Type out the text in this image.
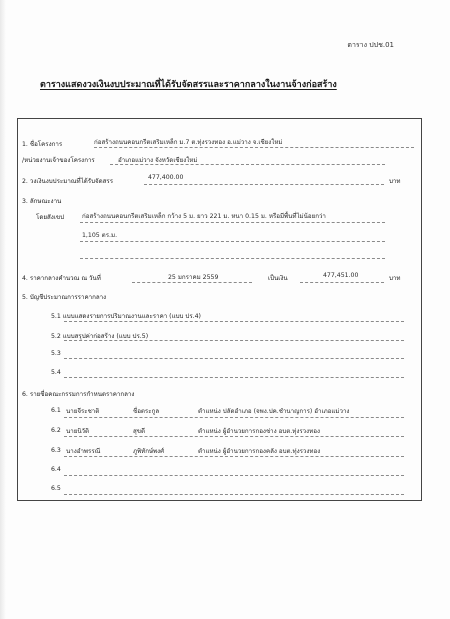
ตาราง ปปช.01
ตารางแสดงวงเงินงบประมาณที่ได้รับจัดสรรและราคากลางในงานจ้างก่อสร้าง
1. ชื่อโครงการ	ก่อสร้างถนนคอนกรีตเสริมเหล็ก ม.7 ต.ทุ่งรวงทอง อ.แม่วาง จ.เชียงใหม่
/หน่วยงานเจ้าของโครงการ	อำเภอแม่วาง จังหวัดเชียงใหม่
2. วงเงินงบประมาณที่ได้รับจัดสรร
477,400.00
บาท
3. ลักษณะงาน
โดยสังเขป	ก่อสร้างถนนคอนกรีตเสริมเหล็ก กว้าง 5 ม. ยาว 221 ม. หนา 0.15 ม. หรือมีพื้นที่ไม่น้อยกว่า
1,105 ตร.ม.
4. ราคากลางคำนวณ ณ วันที่	25 มกราคม 2559	เป็นเงิน	477,451.00	บาท
5. บัญชีประมาณการราคากลาง
5.1 แบบแสดงรายการปริมาณงานและราคา (แบบ ปร.4)
5.2 แบบสรุปค่าก่อสร้าง (แบบ ปร.5)
5.3
5.4
6. รายชื่อคณะกรรมการกำหนดราคากลาง
6.1 นายจีระชาติ	ชื่อตระกูล	ตำแหน่ง ปลัดอำเภอ (จพง.ปค.ชำนาญการ) อำเภอแม่วาง
6.2 นายนิวัติ	สุขดี	ตำแหน่ง ผู้อำนวยการกองช่าง อบต.ทุ่งรวงทอง
6.3 นางอำพรรณี	ภูพิทักษ์พงศ์	ตำแหน่ง ผู้อำนวยการกองคลัง อบต.ทุ่งรวงทอง
6.4
6.5
